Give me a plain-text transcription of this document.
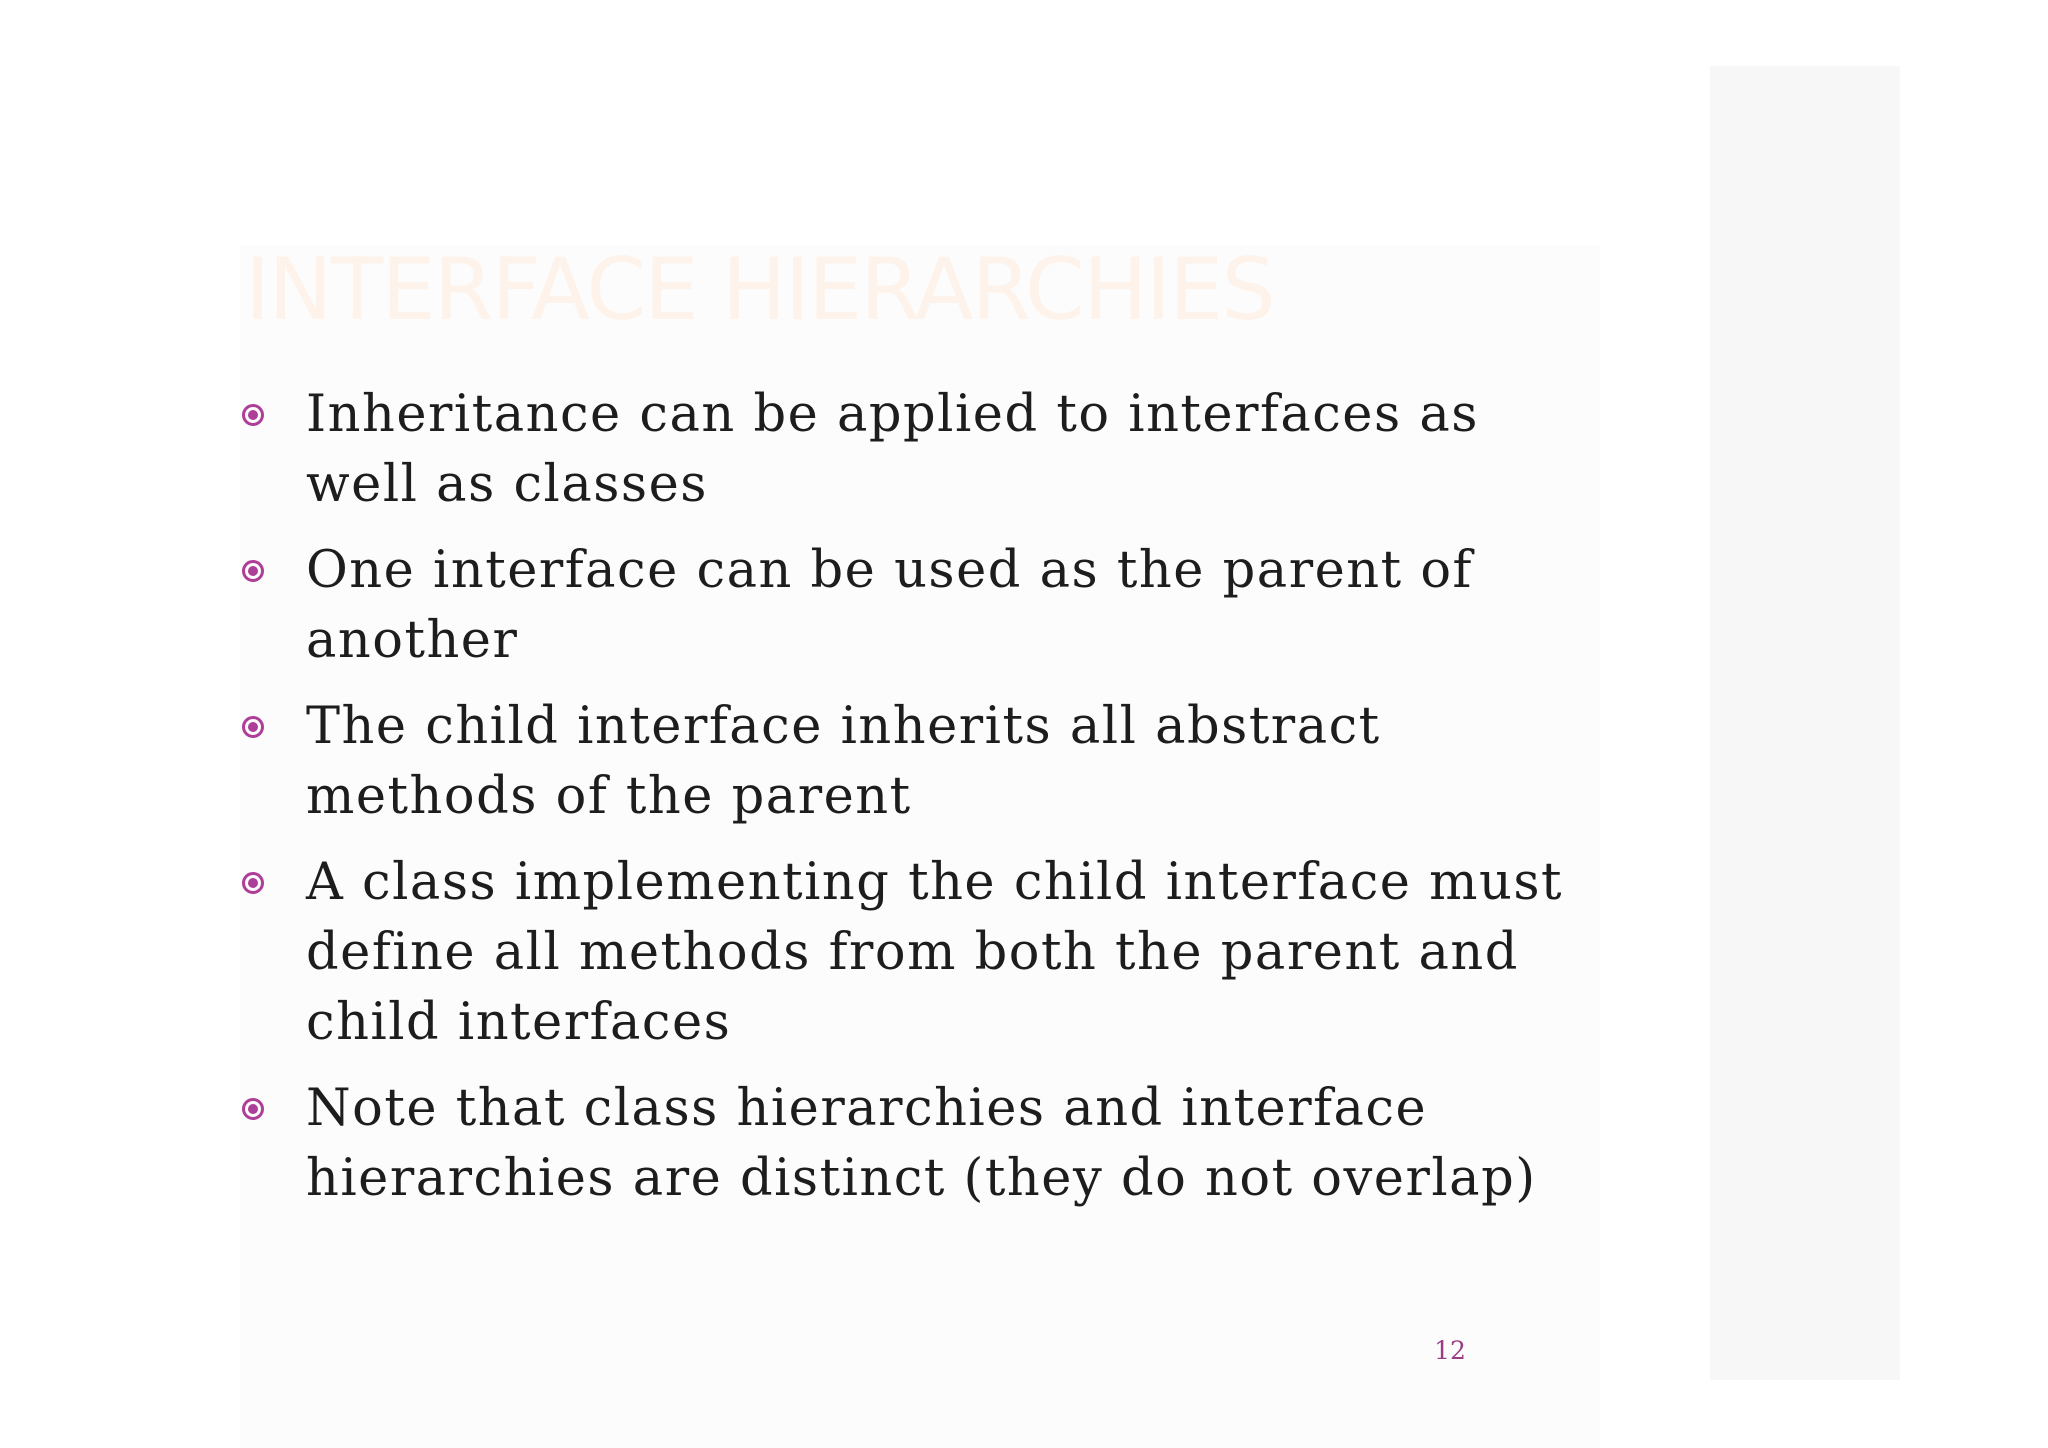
INTERFACE HIERARCHIES
Inheritance can be applied to interfaces as well as classes
One interface can be used as the parent of another
The child interface inherits all abstract methods of the parent
A class implementing the child interface must define all methods from both the parent and child interfaces
Note that class hierarchies and interface hierarchies are distinct (they do not overlap)
12
